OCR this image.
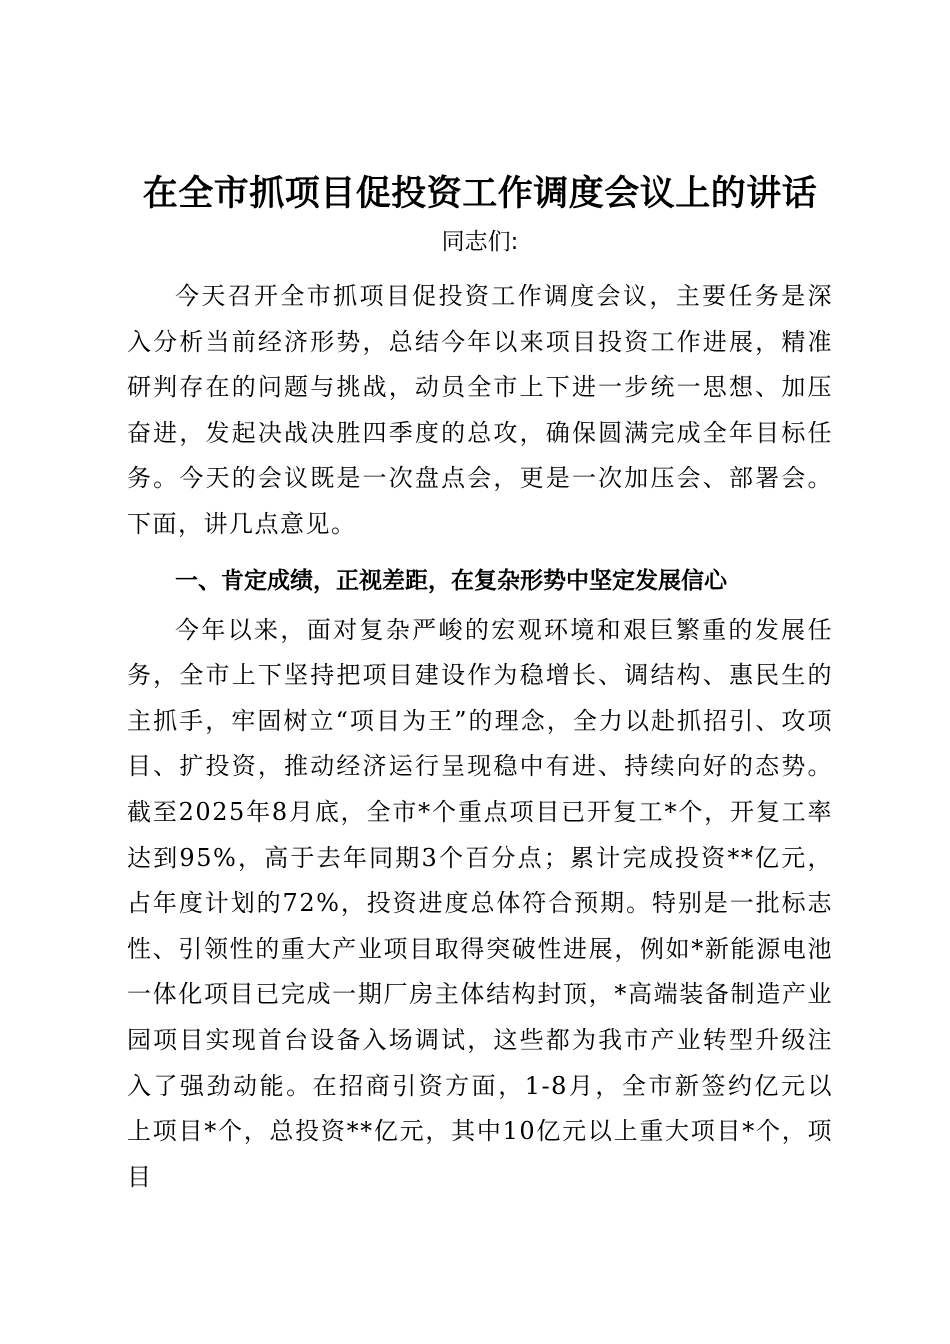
在全市抓项目促投资工作调度会议上的讲话

同志们:

今天召开全市抓项目促投资工作调度会议，主要任务是深入分析当前经济形势，总结今年以来项目投资工作进展，精准研判存在的问题与挑战，动员全市上下进一步统一思想、加压奋进，发起决战决胜四季度的总攻，确保圆满完成全年目标任务。今天的会议既是一次盘点会，更是一次加压会、部署会。下面，讲几点意见。

一、肯定成绩，正视差距，在复杂形势中坚定发展信心

今年以来，面对复杂严峻的宏观环境和艰巨繁重的发展任务，全市上下坚持把项目建设作为稳增长、调结构、惠民生的主抓手，牢固树立“项目为王”的理念，全力以赴抓招引、攻项目、扩投资，推动经济运行呈现稳中有进、持续向好的态势。截至2025年8月底，全市*个重点项目已开复工*个，开复工率达到95%，高于去年同期3个百分点；累计完成投资**亿元，占年度计划的72%，投资进度总体符合预期。特别是一批标志性、引领性的重大产业项目取得突破性进展，例如*新能源电池一体化项目已完成一期厂房主体结构封顶，*高端装备制造产业园项目实现首台设备入场调试，这些都为我市产业转型升级注入了强劲动能。在招商引资方面，1-8月，全市新签约亿元以上项目*个，总投资**亿元，其中10亿元以上重大项目*个，项目
